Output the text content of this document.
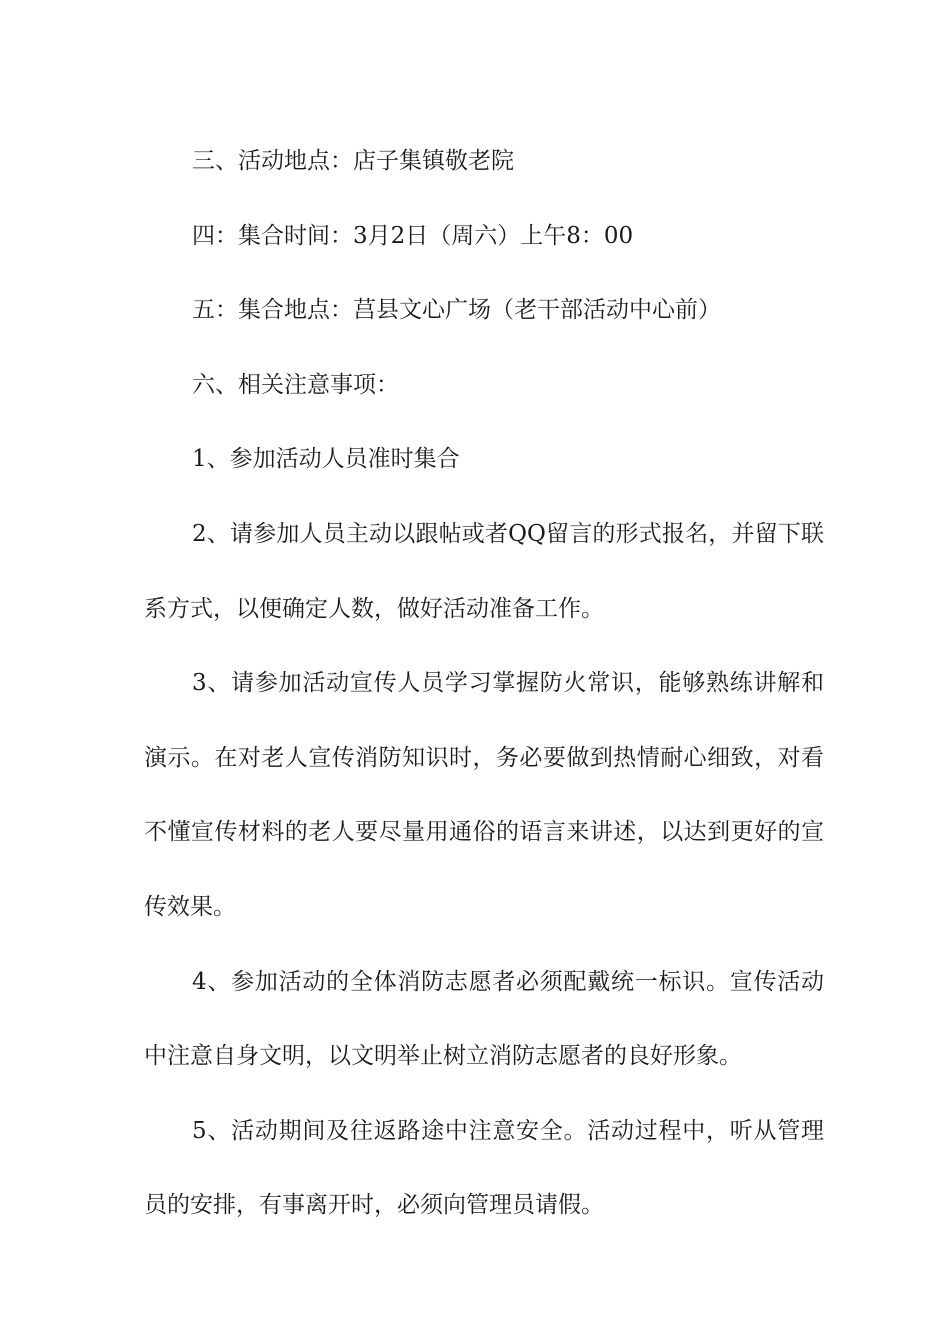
三、活动地点：店子集镇敬老院

四：集合时间：3月2日（周六）上午8：00

五：集合地点：莒县文心广场（老干部活动中心前）

六、相关注意事项：

1、参加活动人员准时集合

2、请参加人员主动以跟帖或者QQ留言的形式报名，并留下联系方式，以便确定人数，做好活动准备工作。

3、请参加活动宣传人员学习掌握防火常识，能够熟练讲解和演示。在对老人宣传消防知识时，务必要做到热情耐心细致，对看不懂宣传材料的老人要尽量用通俗的语言来讲述，以达到更好的宣传效果。

4、参加活动的全体消防志愿者必须配戴统一标识。宣传活动中注意自身文明，以文明举止树立消防志愿者的良好形象。

5、活动期间及往返路途中注意安全。活动过程中，听从管理员的安排，有事离开时，必须向管理员请假。
